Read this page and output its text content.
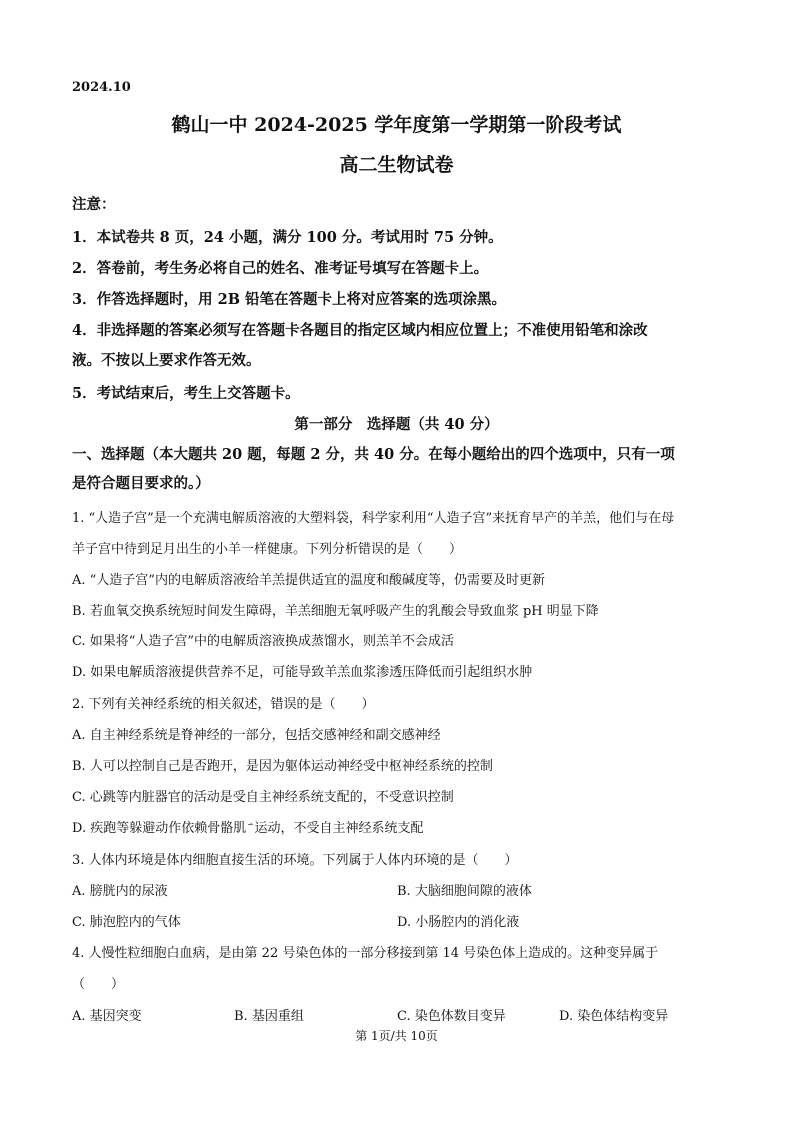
2024.10
鹤山一中 2024-2025 学年度第一学期第一阶段考试
高二生物试卷
注意：
1．本试卷共 8 页，24 小题，满分 100 分。考试用时 75 分钟。
2．答卷前，考生务必将自己的姓名、准考证号填写在答题卡上。
3．作答选择题时，用 2B 铅笔在答题卡上将对应答案的选项涂黑。
4．非选择题的答案必须写在答题卡各题目的指定区域内相应位置上；不准使用铅笔和涂改
液。不按以上要求作答无效。
5．考试结束后，考生上交答题卡。
第一部分　选择题（共 40 分）
一、选择题（本大题共 20 题，每题 2 分，共 40 分。在每小题给出的四个选项中，只有一项
是符合题目要求的。）
1. “人造子宫”是一个充满电解质溶液的大塑料袋，科学家利用“人造子宫”来抚育早产的羊羔，他们与在母
羊子宫中待到足月出生的小羊一样健康。下列分析错误的是（　　）
A. “人造子宫”内的电解质溶液给羊羔提供适宜的温度和酸碱度等，仍需要及时更新
B. 若血氧交换系统短时间发生障碍，羊羔细胞无氧呼吸产生的乳酸会导致血浆 pH 明显下降
C. 如果将“人造子宫”中的电解质溶液换成蒸馏水，则羔羊不会成活
D. 如果电解质溶液提供营养不足，可能导致羊羔血浆渗透压降低而引起组织水肿
2. 下列有关神经系统的相关叙述，错误的是（　　）
A. 自主神经系统是脊神经的一部分，包括交感神经和副交感神经
B. 人可以控制自己是否跑开，是因为躯体运动神经受中枢神经系统的控制
C. 心跳等内脏器官的活动是受自主神经系统支配的，不受意识控制
D. 疾跑等躲避动作依赖骨骼肌 ҄ 运动，不受自主神经系统支配
3. 人体内环境是体内细胞直接生活的环境。下列属于人体内环境的是（　　）
A. 膀胱内的尿液	B. 大脑细胞间隙的液体
C. 肺泡腔内的气体	D. 小肠腔内的消化液
4. 人慢性粒细胞白血病，是由第 22 号染色体的一部分移接到第 14 号染色体上造成的。这种变异属于
（　　）
A. 基因突变	B. 基因重组	C. 染色体数目变异	D. 染色体结构变异
第 1页/共 10页
